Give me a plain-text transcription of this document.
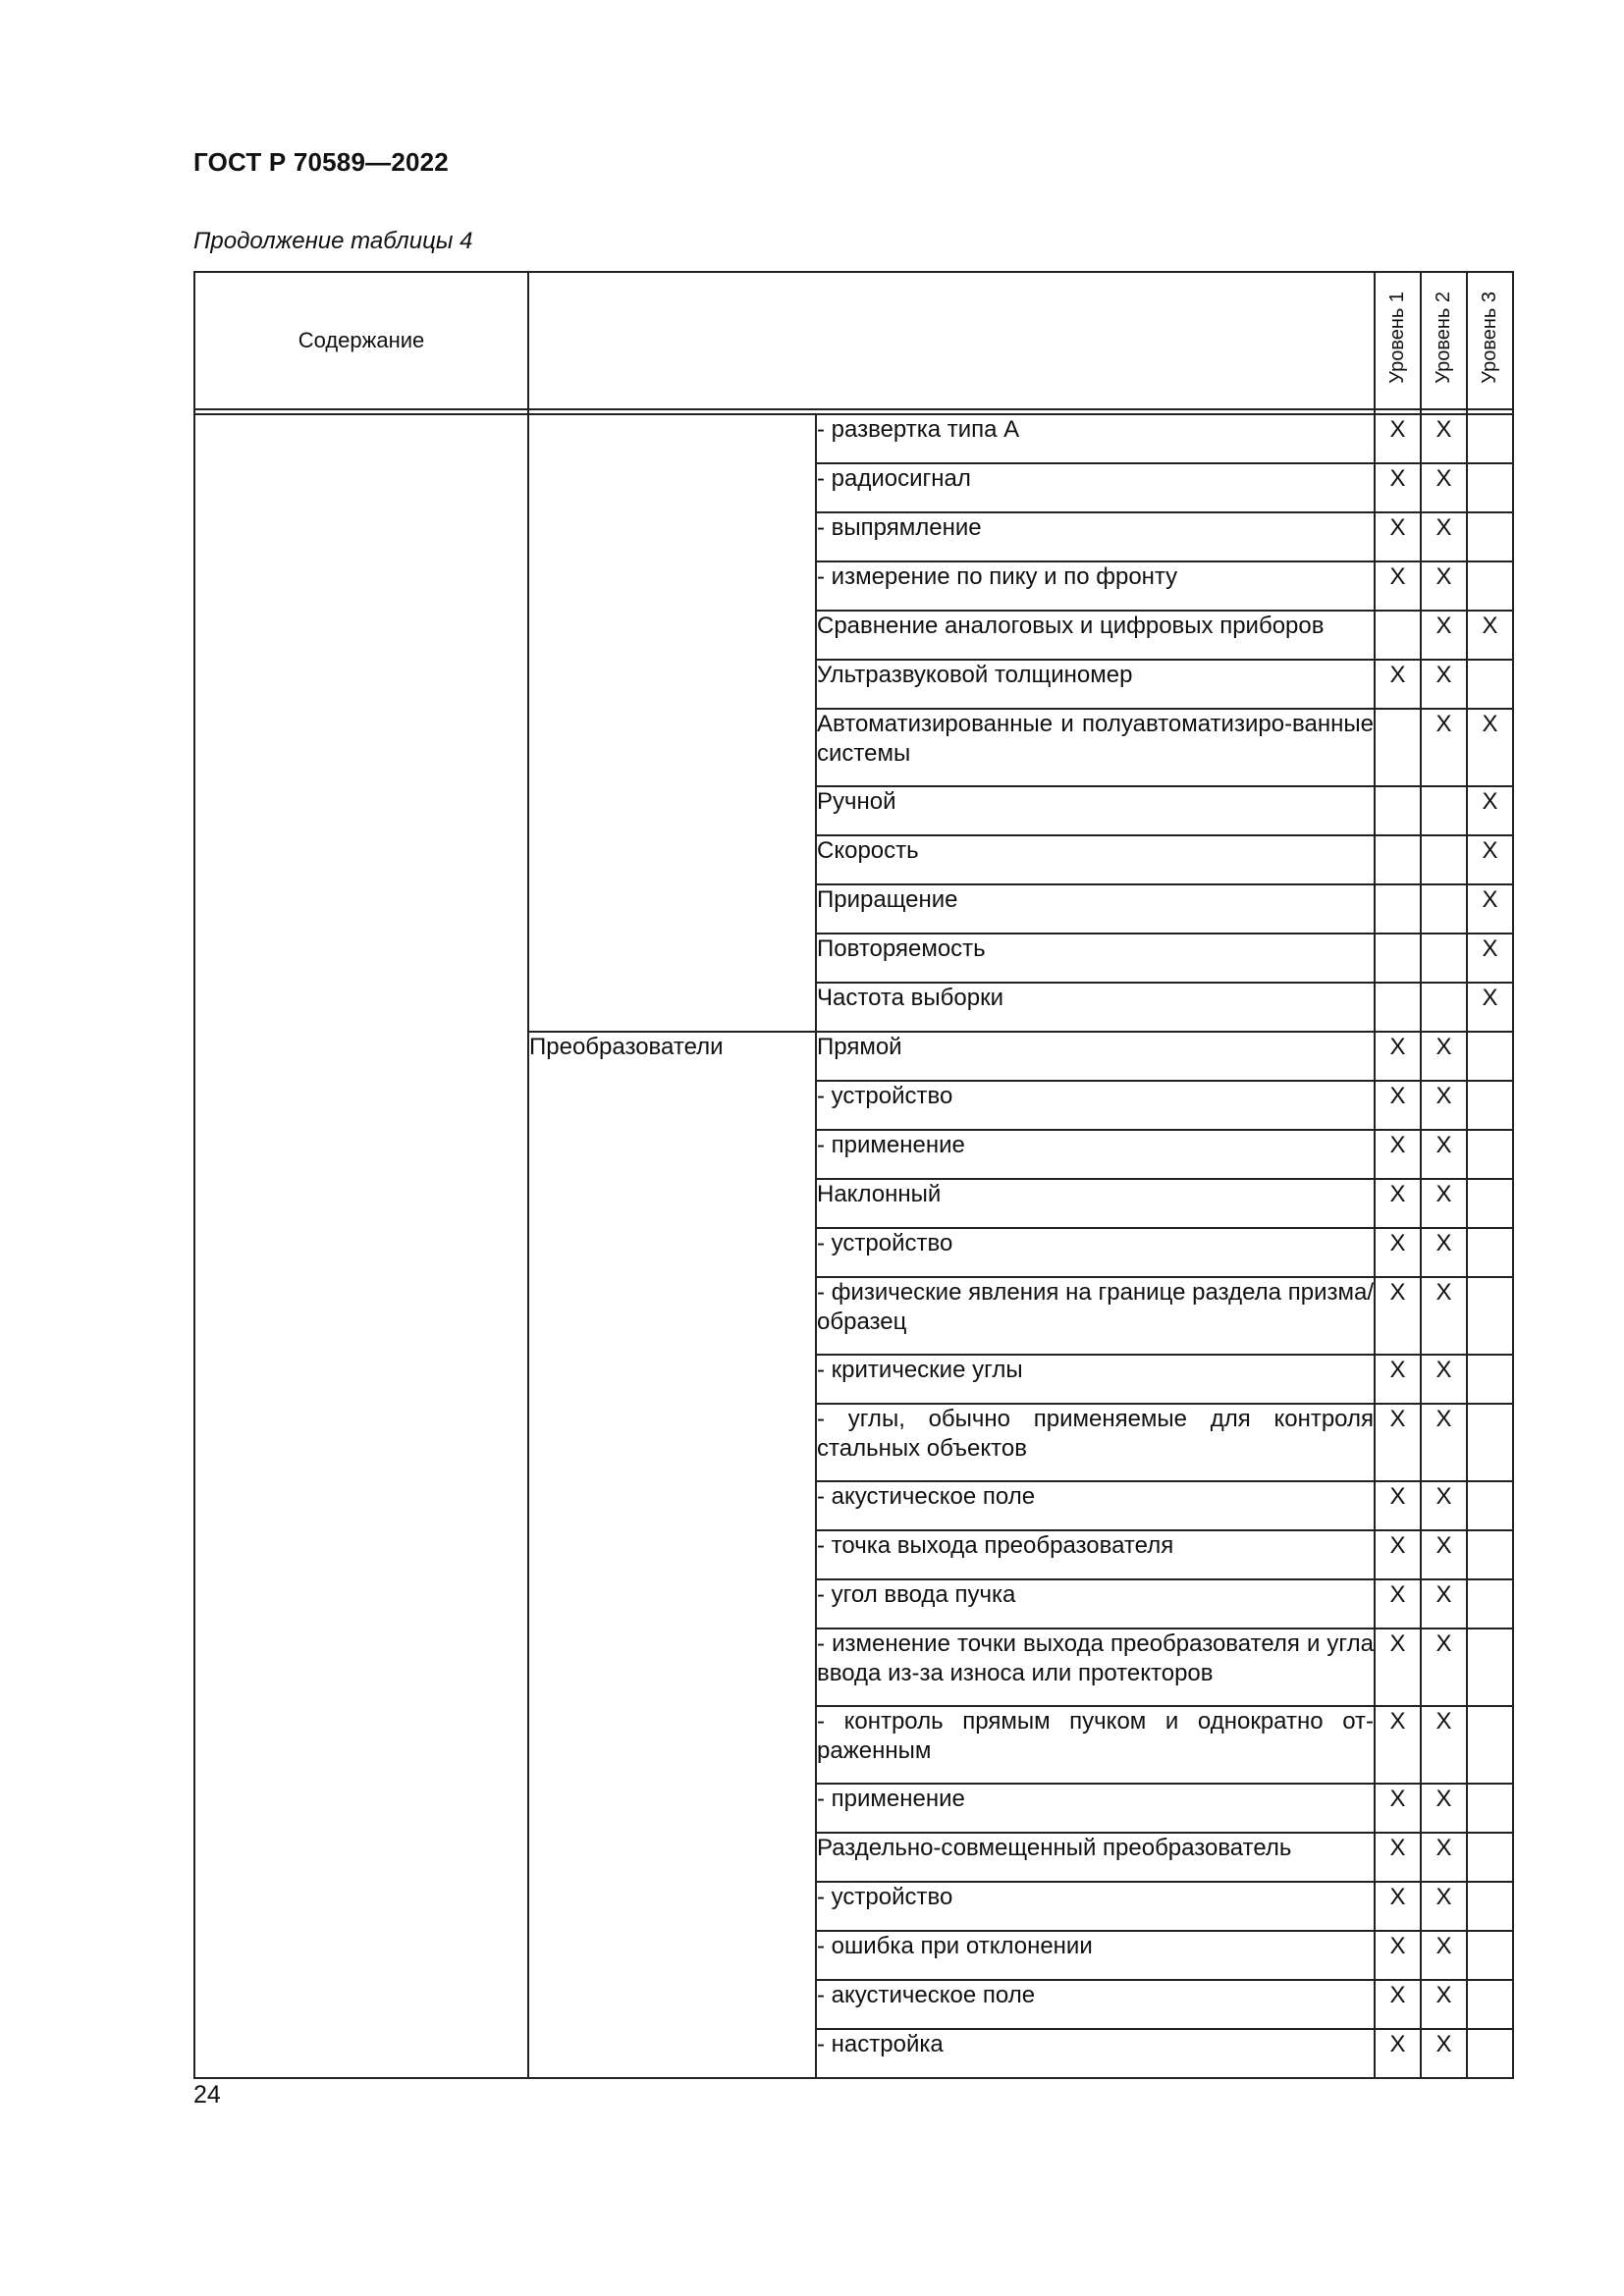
ГОСТ Р 70589—2022
Продолжение таблицы 4
Содержание			Уровень 1	Уровень 2	Уровень 3

		- развертка типа А	X	X	
		- радиосигнал	X	X	
		- выпрямление	X	X	
		- измерение по пику и по фронту	X	X	
		Сравнение аналоговых и цифровых приборов		X	X
		Ультразвуковой толщиномер	X	X	
		Автоматизированные и полуавтоматизиро-ванные системы		X	X
		Ручной			X
		Скорость			X
		Приращение			X
		Повторяемость			X
		Частота выборки			X
	Преобразователи	Прямой	X	X	
		- устройство	X	X	
		- применение	X	X	
		Наклонный	X	X	
		- устройство	X	X	
		- физические явления на границе раздела призма/образец	X	X	
		- критические углы	X	X	
		- углы, обычно применяемые для контроля стальных объектов	X	X	
		- акустическое поле	X	X	
		- точка выхода преобразователя	X	X	
		- угол ввода пучка	X	X	
		- изменение точки выхода преобразователя и угла ввода из-за износа или протекторов	X	X	
		- контроль прямым пучком и однократно от-раженным	X	X	
		- применение	X	X	
		Раздельно-совмещенный преобразователь	X	X	
		- устройство	X	X	
		- ошибка при отклонении	X	X	
		- акустическое поле	X	X	
		- настройка	X	X	
24
